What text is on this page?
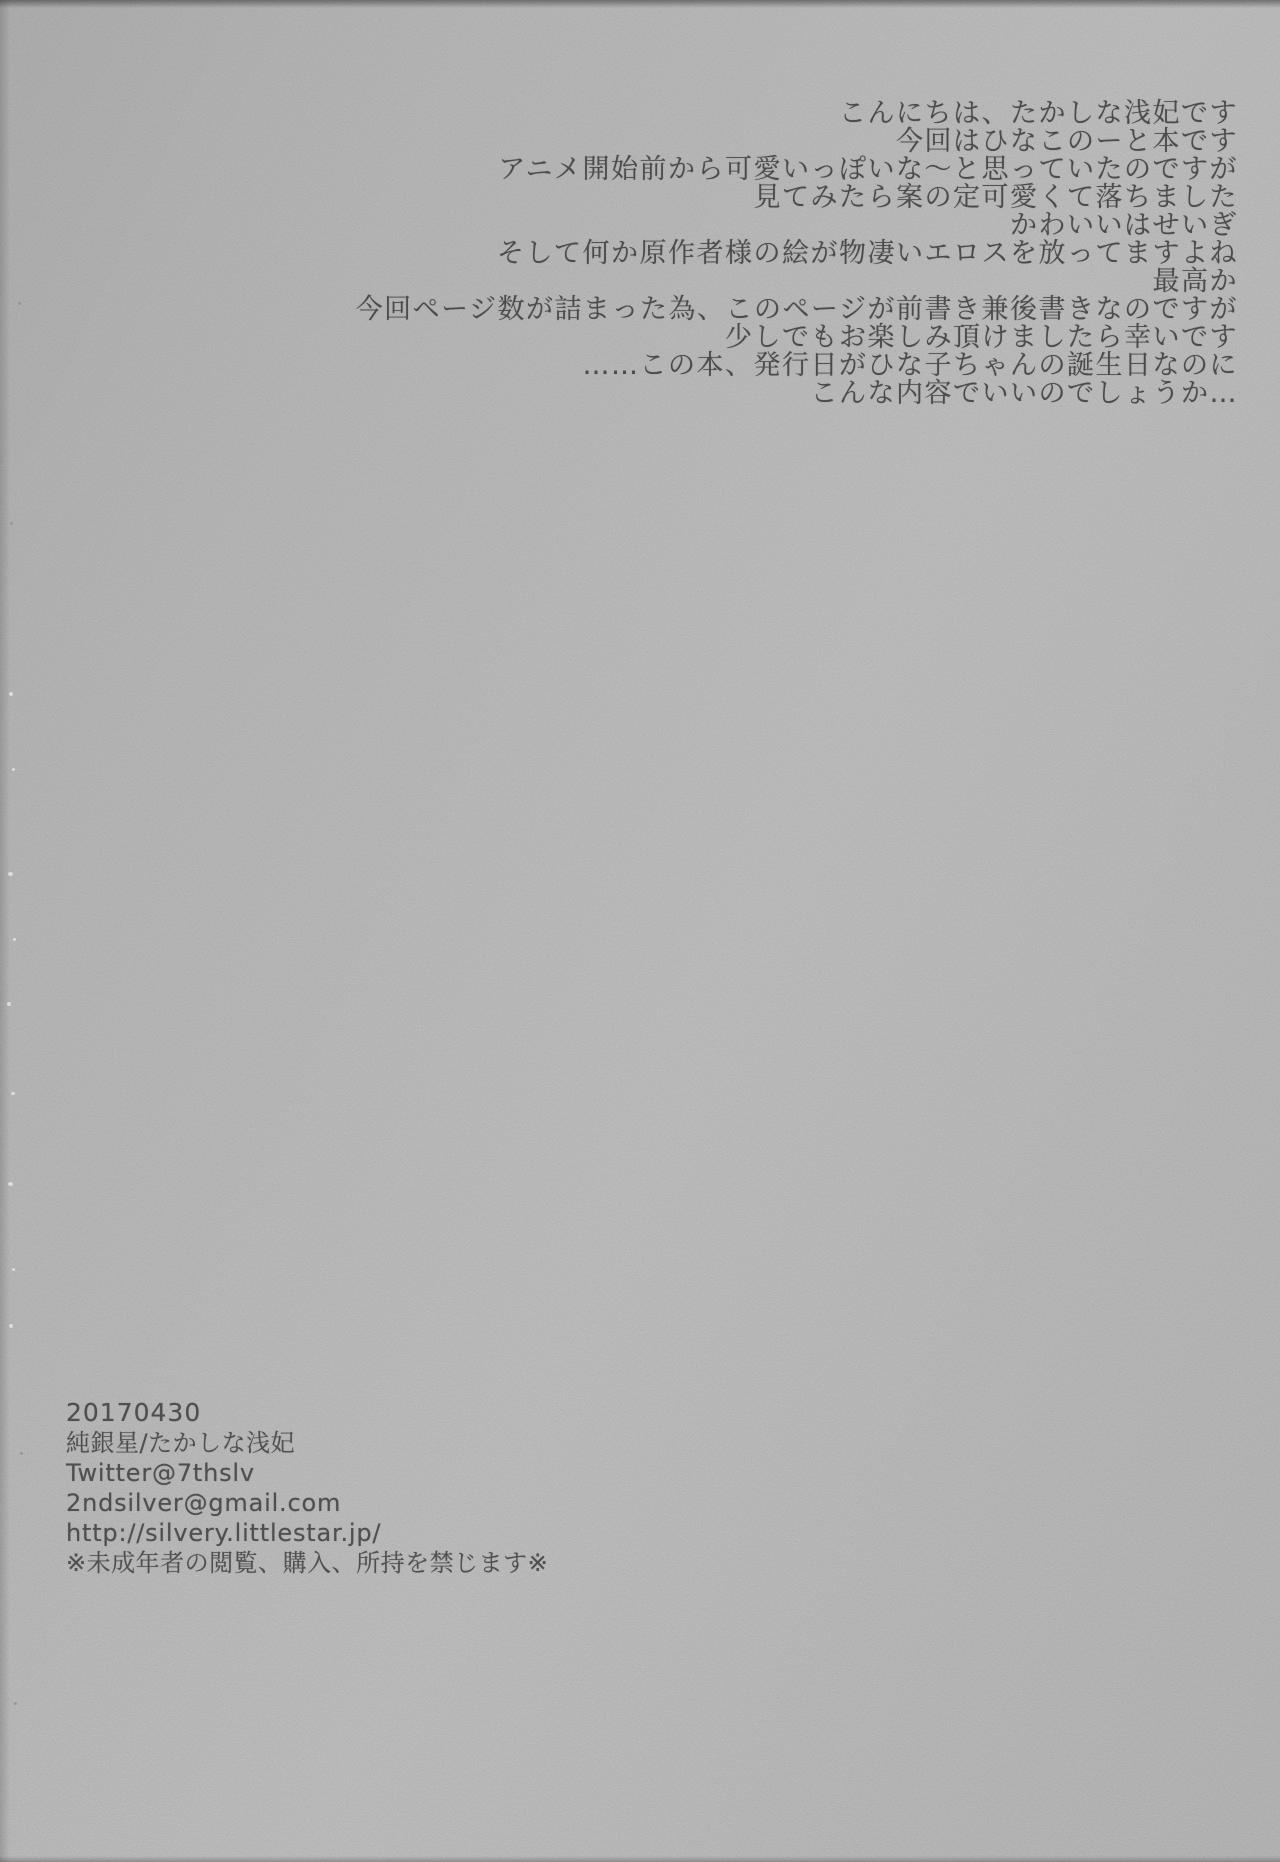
こんにちは、たかしな浅妃です

今回はひなこのーと本です

アニメ開始前から可愛いっぽいな〜と思っていたのですが

見てみたら案の定可愛くて落ちました

かわいいはせいぎ

そして何か原作者様の絵が物凄いエロスを放ってますよね

最高か

今回ページ数が詰まった為、このページが前書き兼後書きなのですが

少しでもお楽しみ頂けましたら幸いです

……この本、発行日がひな子ちゃんの誕生日なのに

こんな内容でいいのでしょうか…

20170430

純銀星/たかしな浅妃

Twitter@7thslv

2ndsilver@gmail.com

http://silvery.littlestar.jp/

※未成年者の閲覧、購入、所持を禁じます※
